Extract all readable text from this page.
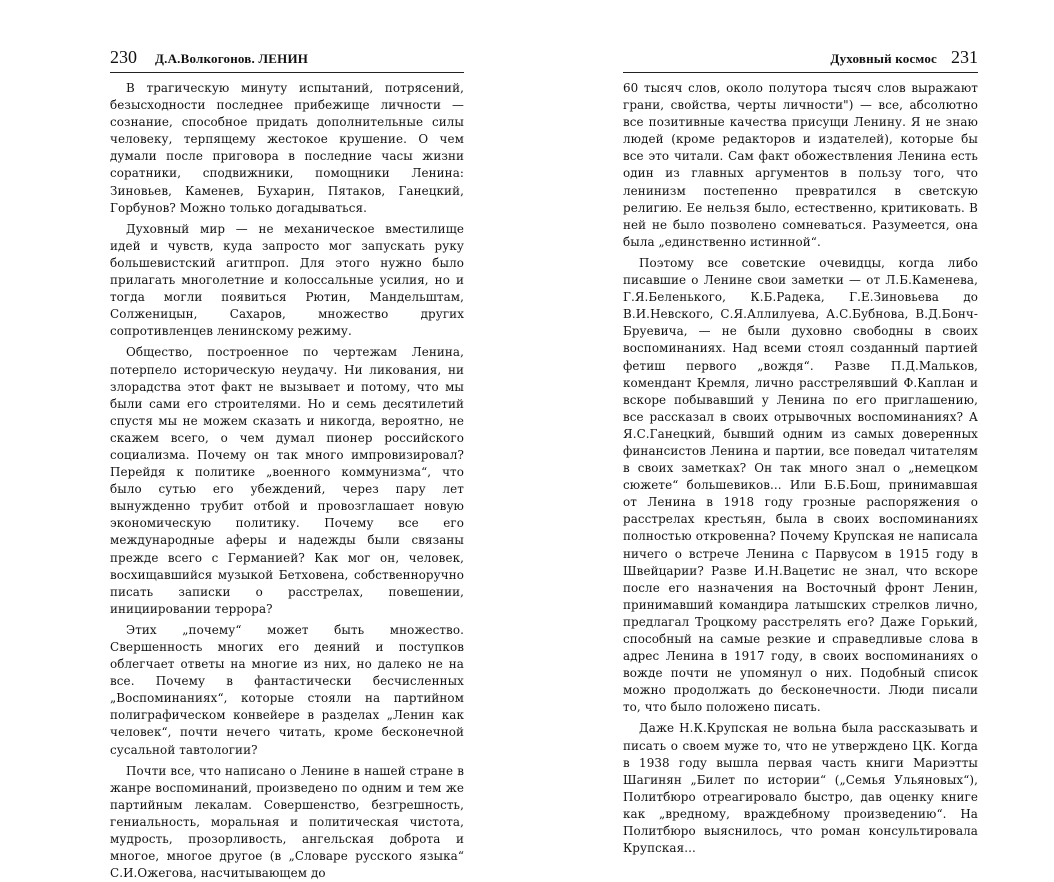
230 Д.А.Волкогонов. ЛЕНИН

В трагическую минуту испытаний, потрясений, безысходности последнее прибежище личности — сознание, способное придать дополнительные силы человеку, терпящему жестокое крушение. О чем думали после приговора в последние часы жизни соратники, сподвижники, помощники Ленина: Зиновьев, Каменев, Бухарин, Пятаков, Ганецкий, Горбунов? Можно только догадываться.

Духовный мир — не механическое вместилище идей и чувств, куда запросто мог запускать руку большевистский агитпроп. Для этого нужно было прилагать многолетние и колоссальные усилия, но и тогда могли появиться Рютин, Мандельштам, Солженицын, Сахаров, множество других сопротивленцев ленинскому режиму.

Общество, построенное по чертежам Ленина, потерпело историческую неудачу. Ни ликования, ни злорадства этот факт не вызывает и потому, что мы были сами его строителями. Но и семь десятилетий спустя мы не можем сказать и никогда, вероятно, не скажем всего, о чем думал пионер российского социализма. Почему он так много импровизировал? Перейдя к политике „военного коммунизма“, что было сутью его убеждений, через пару лет вынужденно трубит отбой и провозглашает новую экономическую политику. Почему все его международные аферы и надежды были связаны прежде всего с Германией? Как мог он, человек, восхищавшийся музыкой Бетховена, собственноручно писать записки о расстрелах, повешении, инициировании террора?

Этих „почему“ может быть множество. Свершенность многих его деяний и поступков облегчает ответы на многие из них, но далеко не на все. Почему в фантастически бесчисленных „Воспоминаниях“, которые стояли на партийном полиграфическом конвейере в разделах „Ленин как человек“, почти нечего читать, кроме бесконечной сусальной тавтологии?

Почти все, что написано о Ленине в нашей стране в жанре воспоминаний, произведено по одним и тем же партийным лекалам. Совершенство, безгрешность, гениальность, моральная и политическая чистота, мудрость, прозорливость, ангельская доброта и многое, многое другое (в „Словаре русского языка“ С.И.Ожегова, насчитывающем до

Духовный космос 231

60 тысяч слов, около полутора тысяч слов выражают грани, свойства, черты личности") — все, абсолютно все позитивные качества присущи Ленину. Я не знаю людей (кроме редакторов и издателей), которые бы все это читали. Сам факт обожествления Ленина есть один из главных аргументов в пользу того, что ленинизм постепенно превратился в светскую религию. Ее нельзя было, естественно, критиковать. В ней не было позволено сомневаться. Разумеется, она была „единственно истинной“.

Поэтому все советские очевидцы, когда либо писавшие о Ленине свои заметки — от Л.Б.Каменева, Г.Я.Беленького, К.Б.Радека, Г.Е.Зиновьева до В.И.Невского, С.Я.Аллилуева, А.С.Бубнова, В.Д.Бонч-Бруевича, — не были духовно свободны в своих воспоминаниях. Над всеми стоял созданный партией фетиш первого „вождя“. Разве П.Д.Мальков, комендант Кремля, лично расстрелявший Ф.Каплан и вскоре побывавший у Ленина по его приглашению, все рассказал в своих отрывочных воспоминаниях? А Я.С.Ганецкий, бывший одним из самых доверенных финансистов Ленина и партии, все поведал читателям в своих заметках? Он так много знал о „немецком сюжете“ большевиков... Или Б.Б.Бош, принимавшая от Ленина в 1918 году грозные распоряжения о расстрелах крестьян, была в своих воспоминаниях полностью откровенна? Почему Крупская не написала ничего о встрече Ленина с Парвусом в 1915 году в Швейцарии? Разве И.Н.Вацетис не знал, что вскоре после его назначения на Восточный фронт Ленин, принимавший командира латышских стрелков лично, предлагал Троцкому расстрелять его? Даже Горький, способный на самые резкие и справедливые слова в адрес Ленина в 1917 году, в своих воспоминаниях о вожде почти не упомянул о них. Подобный список можно продолжать до бесконечности. Люди писали то, что было положено писать.

Даже Н.К.Крупская не вольна была рассказывать и писать о своем муже то, что не утверждено ЦК. Когда в 1938 году вышла первая часть книги Мариэтты Шагинян „Билет по истории“ („Семья Ульяновых“), Политбюро отреагировало быстро, дав оценку книге как „вредному, враждебному произведению“. На Политбюро выяснилось, что роман консультировала Крупская...
